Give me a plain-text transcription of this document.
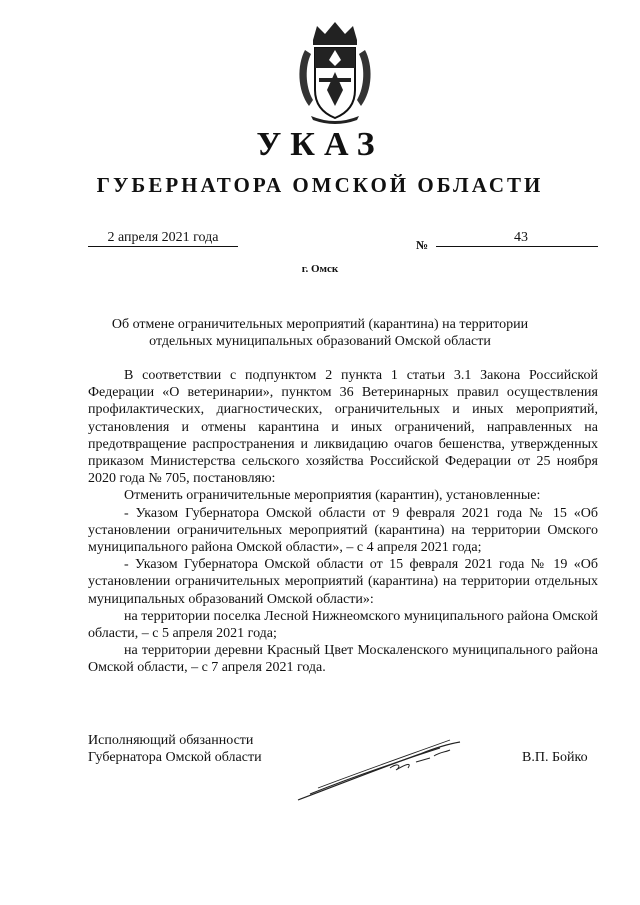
УКАЗ
ГУБЕРНАТОРА ОМСКОЙ ОБЛАСТИ
2 апреля 2021 года	№	43
г. Омск
Об отмене ограничительных мероприятий (карантина) на территории
отдельных муниципальных образований Омской области

В соответствии с подпунктом 2 пункта 1 статьи 3.1 Закона Российской Федерации «О ветеринарии», пунктом 36 Ветеринарных правил осуществления профилактических, диагностических, ограничительных и иных мероприятий, установления и отмены карантина и иных ограничений, направленных на предотвращение распространения и ликвидацию очагов бешенства, утвержденных приказом Министерства сельского хозяйства Российской Федерации от 25 ноября 2020 года № 705, постановляю:

Отменить ограничительные мероприятия (карантин), установленные:

- Указом Губернатора Омской области от 9 февраля 2021 года № 15 «Об установлении ограничительных мероприятий (карантина) на территории Омского муниципального района Омской области», – с 4 апреля 2021 года;

- Указом Губернатора Омской области от 15 февраля 2021 года № 19 «Об установлении ограничительных мероприятий (карантина) на территории отдельных муниципальных образований Омской области»:

на территории поселка Лесной Нижнеомского муниципального района Омской области, – с 5 апреля 2021 года;

на территории деревни Красный Цвет Москаленского муниципального района Омской области, – с 7 апреля 2021 года.

Исполняющий обязанности
Губернатора Омской области	В.П. Бойко
